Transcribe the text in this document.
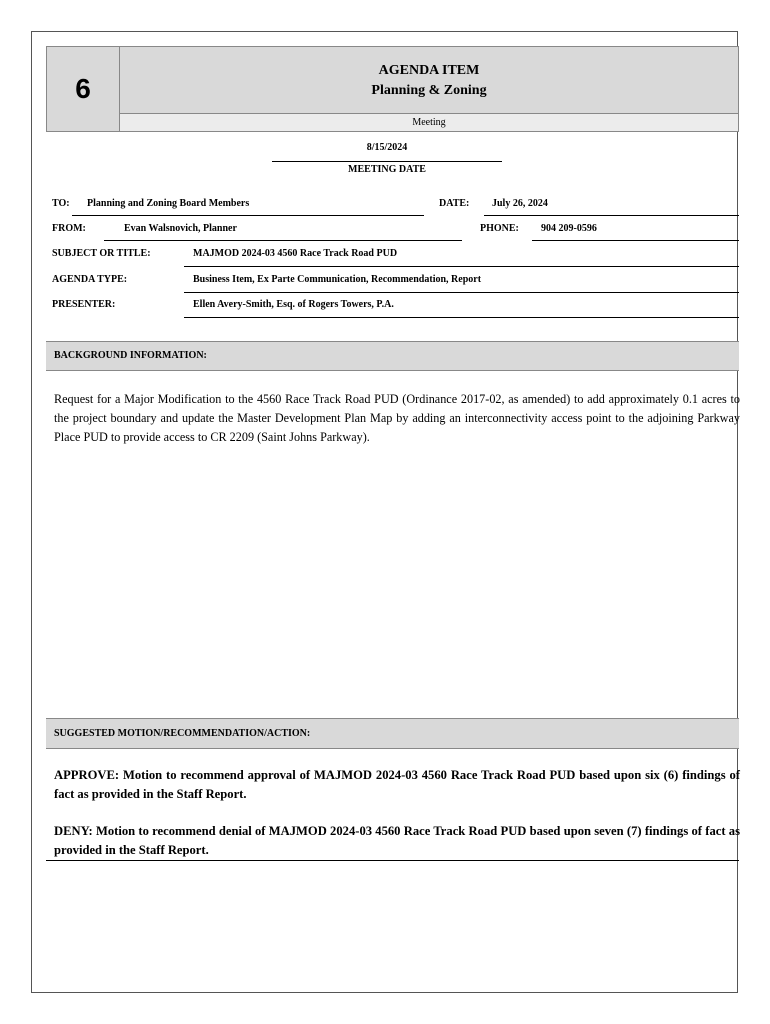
6
AGENDA ITEM
Planning & Zoning
Meeting
8/15/2024
MEETING DATE
TO: Planning and Zoning Board Members	DATE: July 26, 2024
FROM:	Evan Walsnovich, Planner	PHONE: 904 209-0596
SUBJECT OR TITLE:	MAJMOD 2024-03 4560 Race Track Road PUD
AGENDA TYPE:	Business Item, Ex Parte Communication, Recommendation, Report
PRESENTER:	Ellen Avery-Smith, Esq. of Rogers Towers, P.A.
BACKGROUND INFORMATION:
Request for a Major Modification to the 4560 Race Track Road PUD (Ordinance 2017-02, as amended) to add approximately 0.1 acres to the project boundary and update the Master Development Plan Map by adding an interconnectivity access point to the adjoining Parkway Place PUD to provide access to CR 2209 (Saint Johns Parkway).
SUGGESTED MOTION/RECOMMENDATION/ACTION:
APPROVE: Motion to recommend approval of MAJMOD 2024-03 4560 Race Track Road PUD based upon six (6) findings of fact as provided in the Staff Report.
DENY: Motion to recommend denial of MAJMOD 2024-03 4560 Race Track Road PUD based upon seven (7) findings of fact as provided in the Staff Report.
